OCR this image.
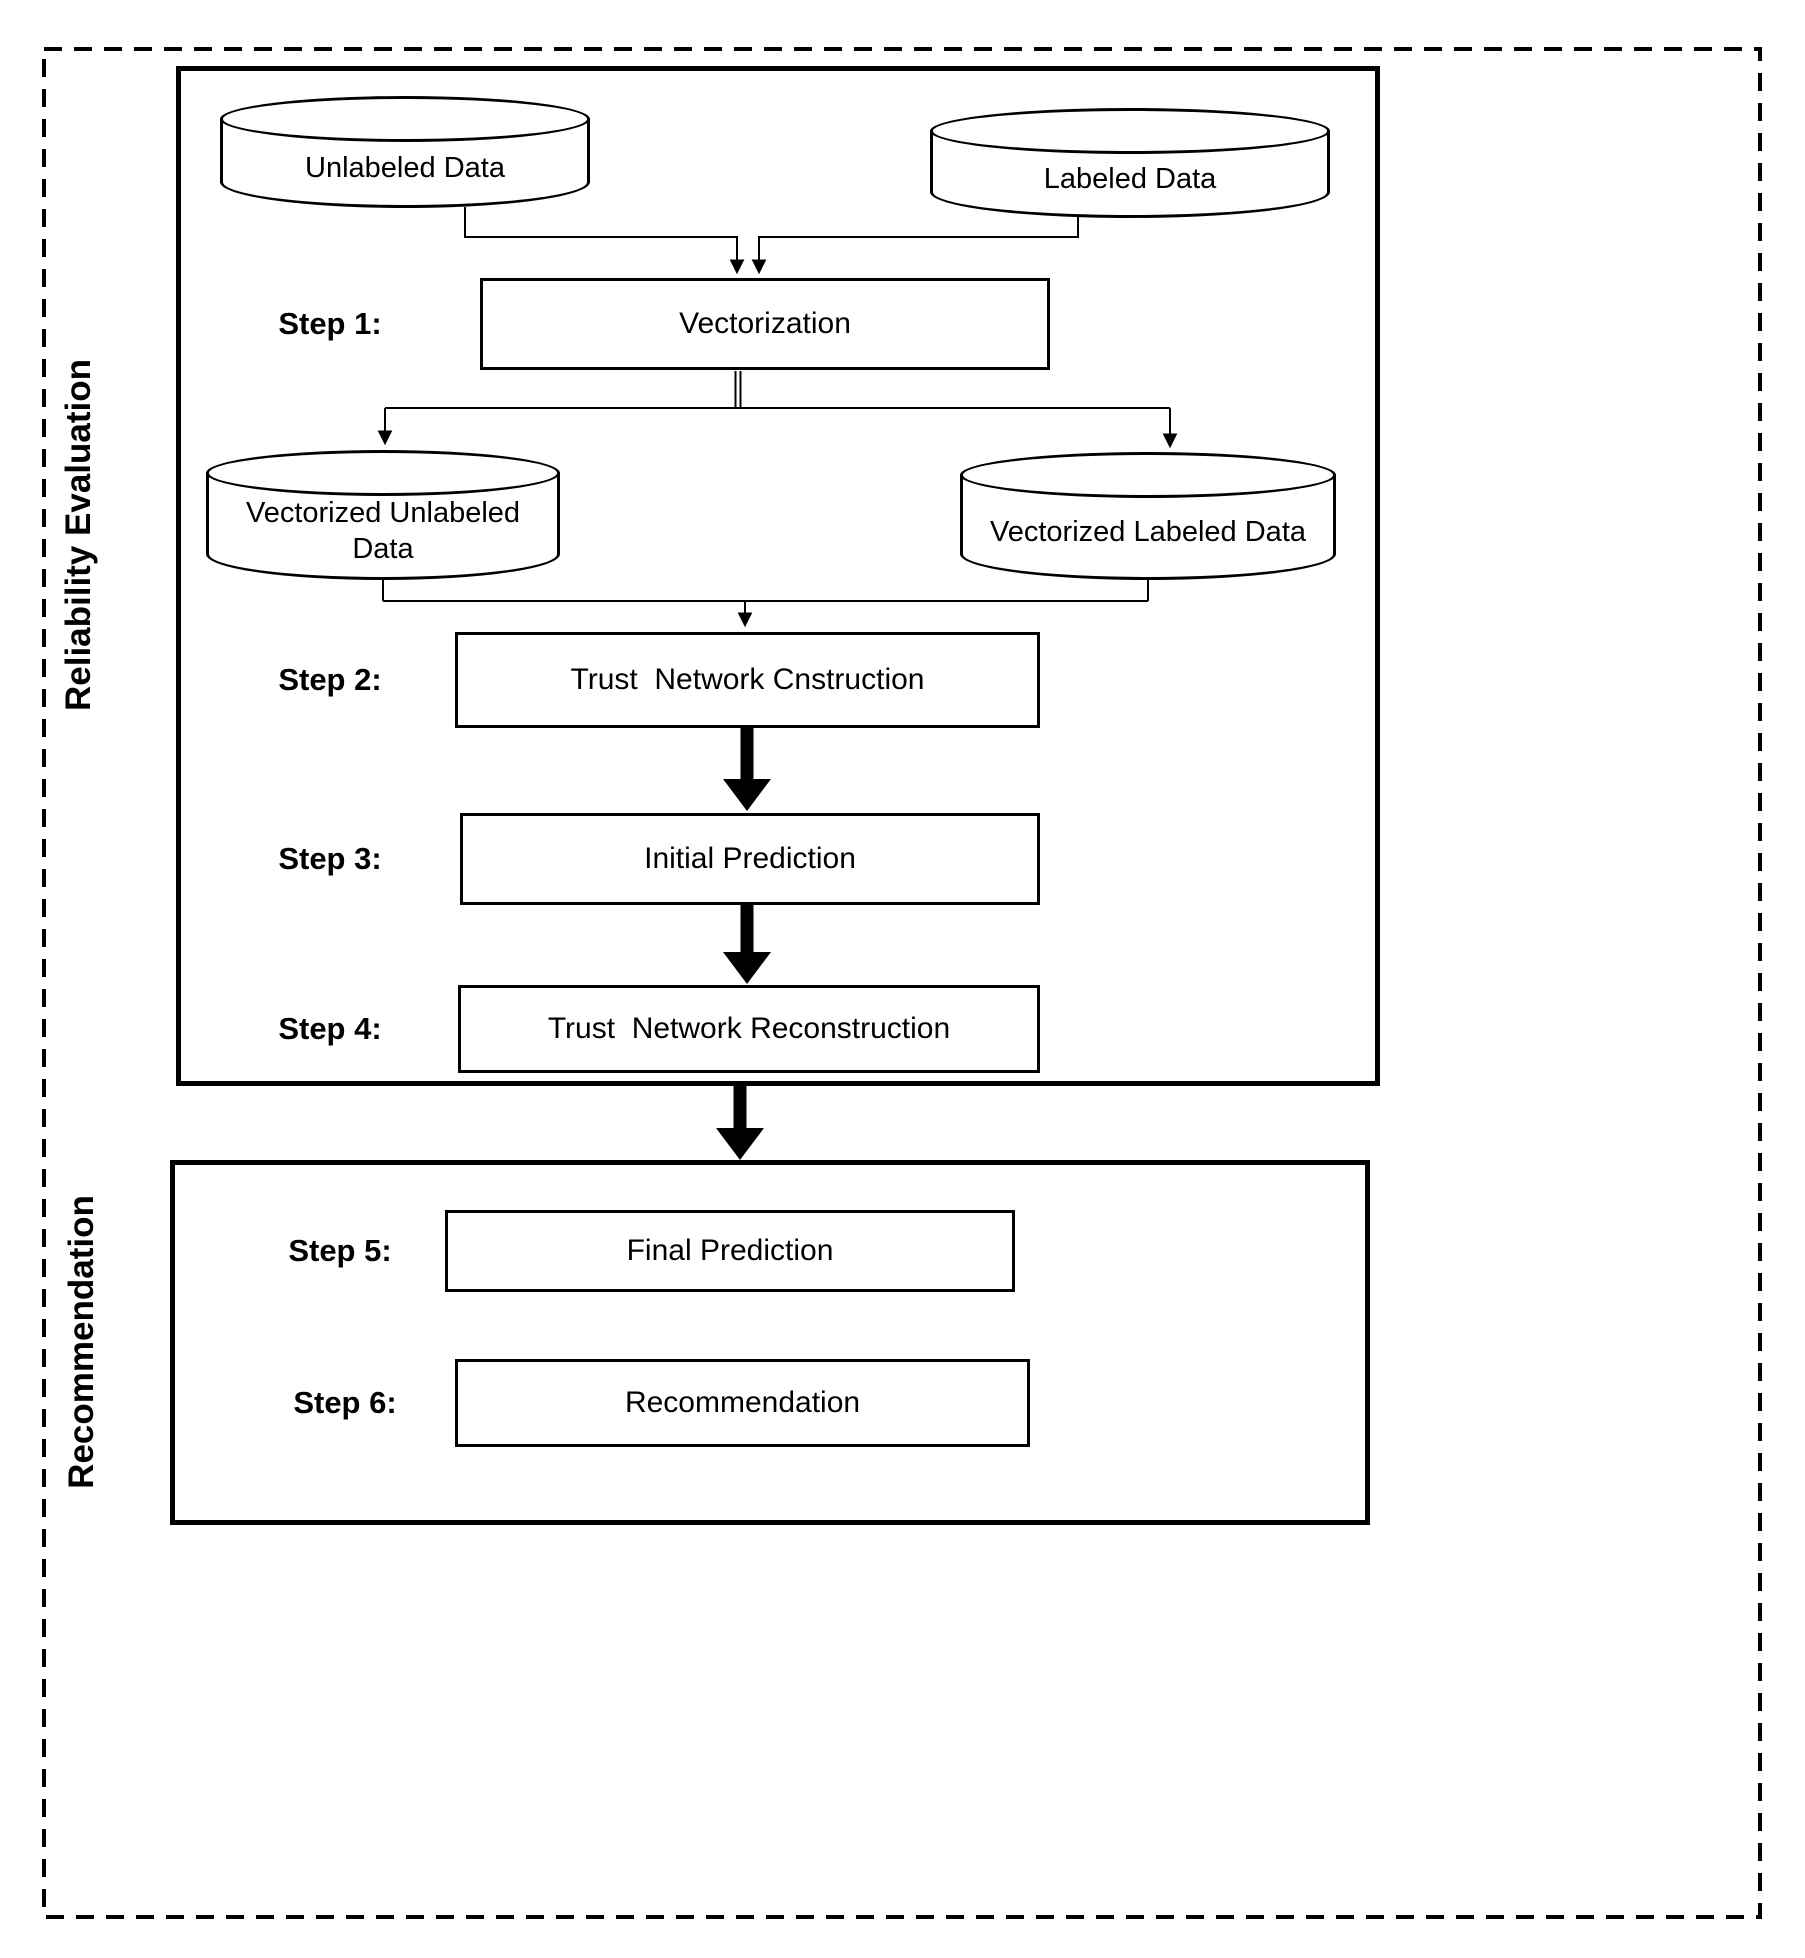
Reliability Evaluation
Recommendation
Unlabeled Data	Labeled Data
Vectorized Unlabeled Data
Vectorized Labeled Data
Step 1:
Step 2:
Step 3:
Step 4:
Step 5:
Step 6:
Vectorization
Trust  Network Cnstruction
Initial Prediction
Trust  Network Reconstruction
Final Prediction
Recommendation
